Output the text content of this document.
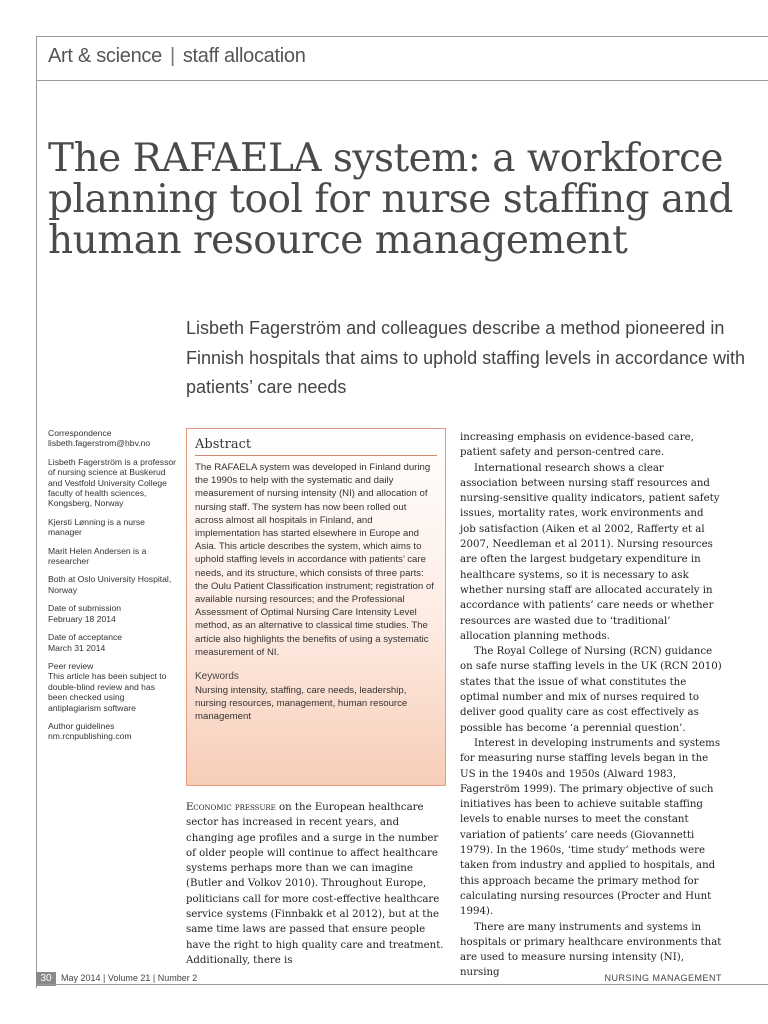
Art & science | staff allocation
The RAFAELA system: a workforce planning tool for nurse staffing and human resource management

Lisbeth Fagerström and colleagues describe a method pioneered in Finnish hospitals that aims to uphold staffing levels in accordance with patients’ care needs

Correspondence
lisbeth.fagerstrom@hbv.no

Lisbeth Fagerström is a professor of nursing science at Buskerud and Vestfold University College faculty of health sciences, Kongsberg, Norway

Kjersti Lønning is a nurse manager

Marit Helen Andersen is a researcher

Both at Oslo University Hospital, Norway

Date of submission
February 18 2014

Date of acceptance
March 31 2014

Peer review
This article has been subject to double-blind review and has been checked using antiplagiarism software

Author guidelines
nm.rcnpublishing.com

Abstract

The RAFAELA system was developed in Finland during the 1990s to help with the systematic and daily measurement of nursing intensity (NI) and allocation of nursing staff. The system has now been rolled out across almost all hospitals in Finland, and implementation has started elsewhere in Europe and Asia. This article describes the system, which aims to uphold staffing levels in accordance with patients’ care needs, and its structure, which consists of three parts: the Oulu Patient Classification instrument; registration of available nursing resources; and the Professional Assessment of Optimal Nursing Care Intensity Level method, as an alternative to classical time studies. The article also highlights the benefits of using a systematic measurement of NI.

Keywords

Nursing intensity, staffing, care needs, leadership, nursing resources, management, human resource management

Economic pressure on the European healthcare sector has increased in recent years, and changing age profiles and a surge in the number of older people will continue to affect healthcare systems perhaps more than we can imagine (Butler and Volkov 2010). Throughout Europe, politicians call for more cost-effective healthcare service systems (Finnbakk et al 2012), but at the same time laws are passed that ensure people have the right to high quality care and treatment. Additionally, there is

increasing emphasis on evidence-based care, patient safety and person-centred care.

International research shows a clear association between nursing staff resources and nursing-sensitive quality indicators, patient safety issues, mortality rates, work environments and job satisfaction (Aiken et al 2002, Rafferty et al 2007, Needleman et al 2011). Nursing resources are often the largest budgetary expenditure in healthcare systems, so it is necessary to ask whether nursing staff are allocated accurately in accordance with patients’ care needs or whether resources are wasted due to ‘traditional’ allocation planning methods.

The Royal College of Nursing (RCN) guidance on safe nurse staffing levels in the UK (RCN 2010) states that the issue of what constitutes the optimal number and mix of nurses required to deliver good quality care as cost effectively as possible has become ‘a perennial question’.

Interest in developing instruments and systems for measuring nurse staffing levels began in the US in the 1940s and 1950s (Alward 1983, Fagerström 1999). The primary objective of such initiatives has been to achieve suitable staffing levels to enable nurses to meet the constant variation of patients’ care needs (Giovannetti 1979). In the 1960s, ‘time study’ methods were taken from industry and applied to hospitals, and this approach became the primary method for calculating nursing resources (Procter and Hunt 1994).

There are many instruments and systems in hospitals or primary healthcare environments that are used to measure nursing intensity (NI), nursing

30	May 2014 | Volume 21 | Number 2	NURSING MANAGEMENT
